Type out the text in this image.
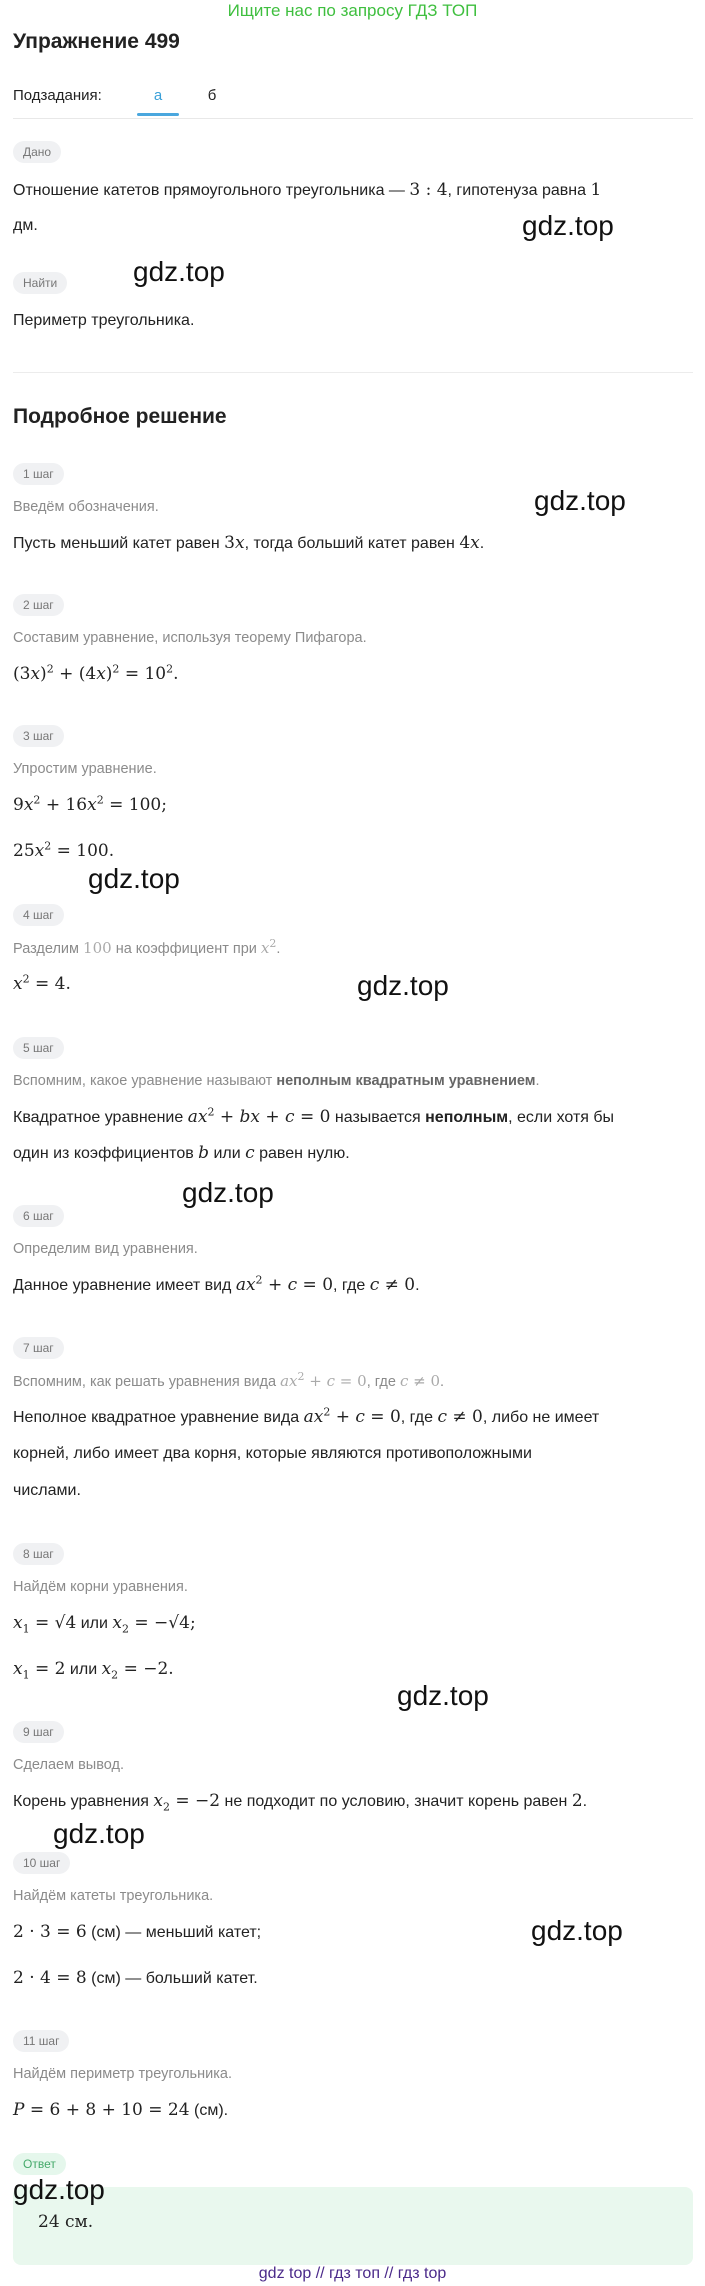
Ищите нас по запросу ГДЗ ТОП
Упражнение 499
Подзадания:	а	б
Дано
Отношение катетов прямоугольного треугольника — 3 : 4, гипотенуза равна 1
дм.
Найти
Периметр треугольника.
Подробное решение
1 шаг
Введём обозначения.
Пусть меньший катет равен 3x, тогда больший катет равен 4x.
2 шаг
Составим уравнение, используя теорему Пифагора.
$(3x)^2 + (4x)^2 = 10^2$.
3 шаг
Упростим уравнение.
$9x^2 + 16x^2 = 100$;
$25x^2 = 100$.
4 шаг
Разделим 100 на коэффициент при $x^2$.
$x^2 = 4$.
5 шаг
Вспомним, какое уравнение называют неполным квадратным уравнением.
Квадратное уравнение $ax^2$ + bx + c = 0 называется неполным, если хотя бы
один из коэффициентов b или c равен нулю.
6 шаг
Определим вид уравнения.
Данное уравнение имеет вид $ax^2 + c = 0$, где c ≠ 0.
7 шаг
Вспомним, как решать уравнения вида $ax^2 + c = 0$, где c ≠ 0.
Неполное квадратное уравнение вида $ax^2 + c = 0$, где c ≠ 0, либо не имеет
корней, либо имеет два корня, которые являются противоположными
числами.
8 шаг
Найдём корни уравнения.
$x_1 = √4$ или $x_2 = -√4$;
$x_1 = 2$ или $x_2 = -2$.
9 шаг
Сделаем вывод.
Корень уравнения $x_2 = -2$ не подходит по условию, значит корень равен 2.
10 шаг
Найдём катеты треугольника.
2 · 3 = 6 (см) — меньший катет;
2 · 4 = 8 (см) — больший катет.
11 шаг
Найдём периметр треугольника.
P = 6 + 8 + 10 = 24 (см).
Ответ
24 см.
gdz.top
gdz.top
gdz.top
gdz.top
gdz.top
gdz.top
gdz.top
gdz.top
gdz.top
gdz.top
gdz top // гдз топ // гдз top
